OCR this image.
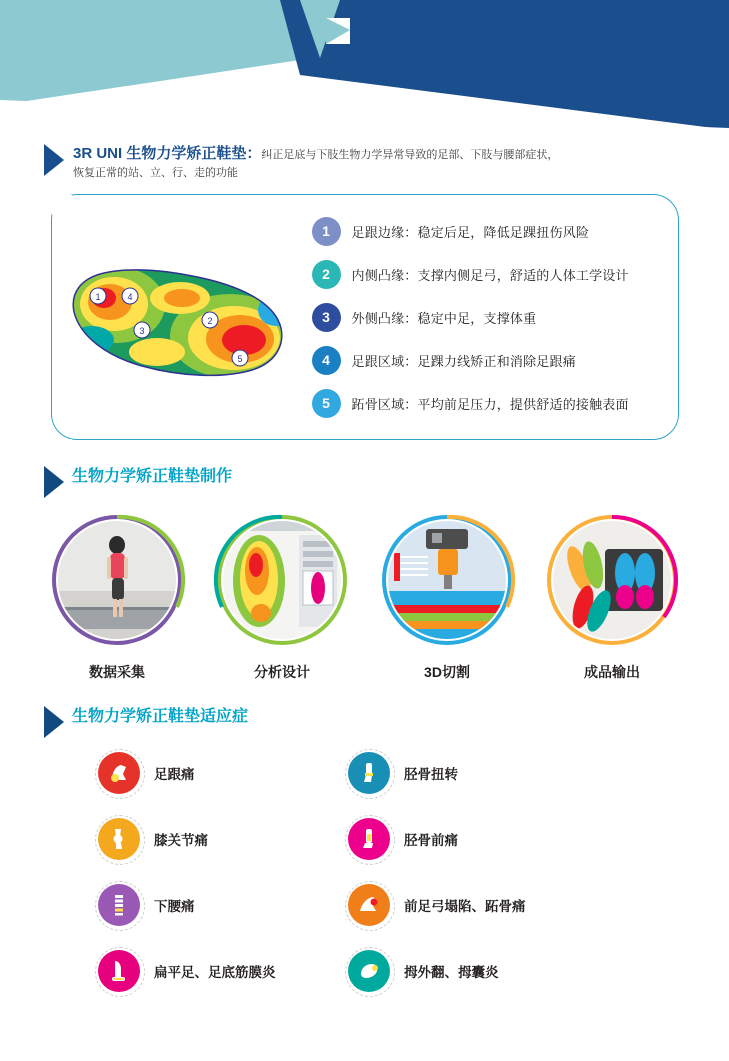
3R UNI 生物力学矫正鞋垫：纠正足底与下肢生物力学异常导致的足部、下肢与腰部症状，
恢复正常的站、立、行、走的功能
1	4
3
2
5
1	足跟边缘：稳定后足，降低足踝扭伤风险
2	内侧凸缘：支撑内侧足弓，舒适的人体工学设计
3	外侧凸缘：稳定中足，支撑体重
4	足跟区域：足踝力线矫正和消除足跟痛
5	跖骨区域：平均前足压力，提供舒适的接触表面
生物力学矫正鞋垫制作
数据采集	分析设计	3D切割	成品输出
生物力学矫正鞋垫适应症
足跟痛	胫骨扭转
膝关节痛	胫骨前痛
下腰痛	前足弓塌陷、跖骨痛
扁平足、足底筋膜炎	拇外翻、拇囊炎
